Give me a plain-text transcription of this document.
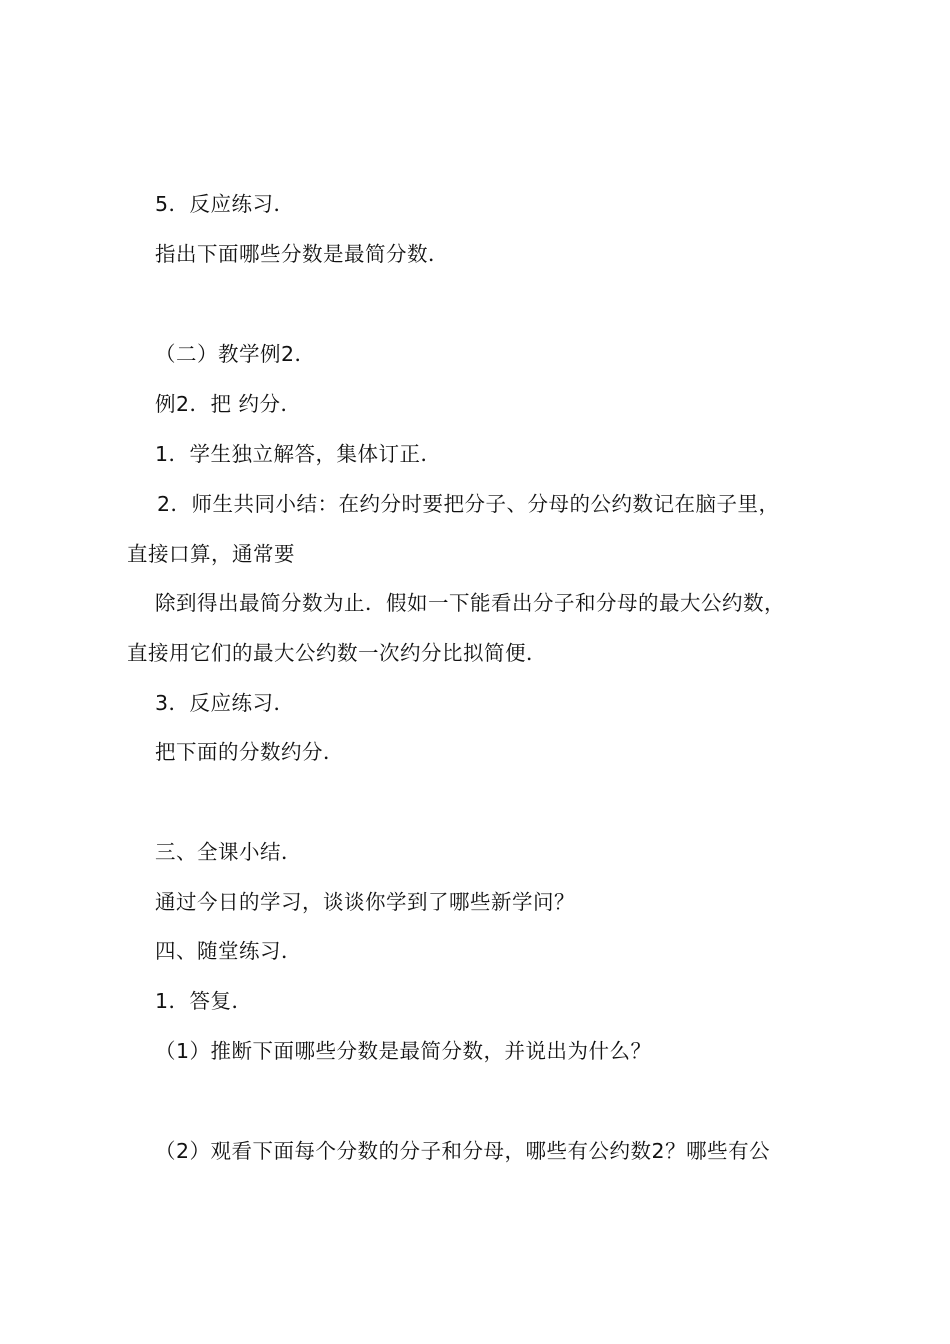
5．反应练习．
指出下面哪些分数是最简分数．
（二）教学例2．
例2．把 约分．
1．学生独立解答，集体订正．
2．师生共同小结：在约分时要把分子、分母的公约数记在脑子里，
直接口算，通常要
除到得出最简分数为止．假如一下能看出分子和分母的最大公约数，
直接用它们的最大公约数一次约分比拟简便．
3．反应练习．
把下面的分数约分．
三、全课小结．
通过今日的学习，谈谈你学到了哪些新学问？
四、随堂练习．
1．答复．
（1）推断下面哪些分数是最简分数，并说出为什么？
（2）观看下面每个分数的分子和分母，哪些有公约数2？哪些有公
